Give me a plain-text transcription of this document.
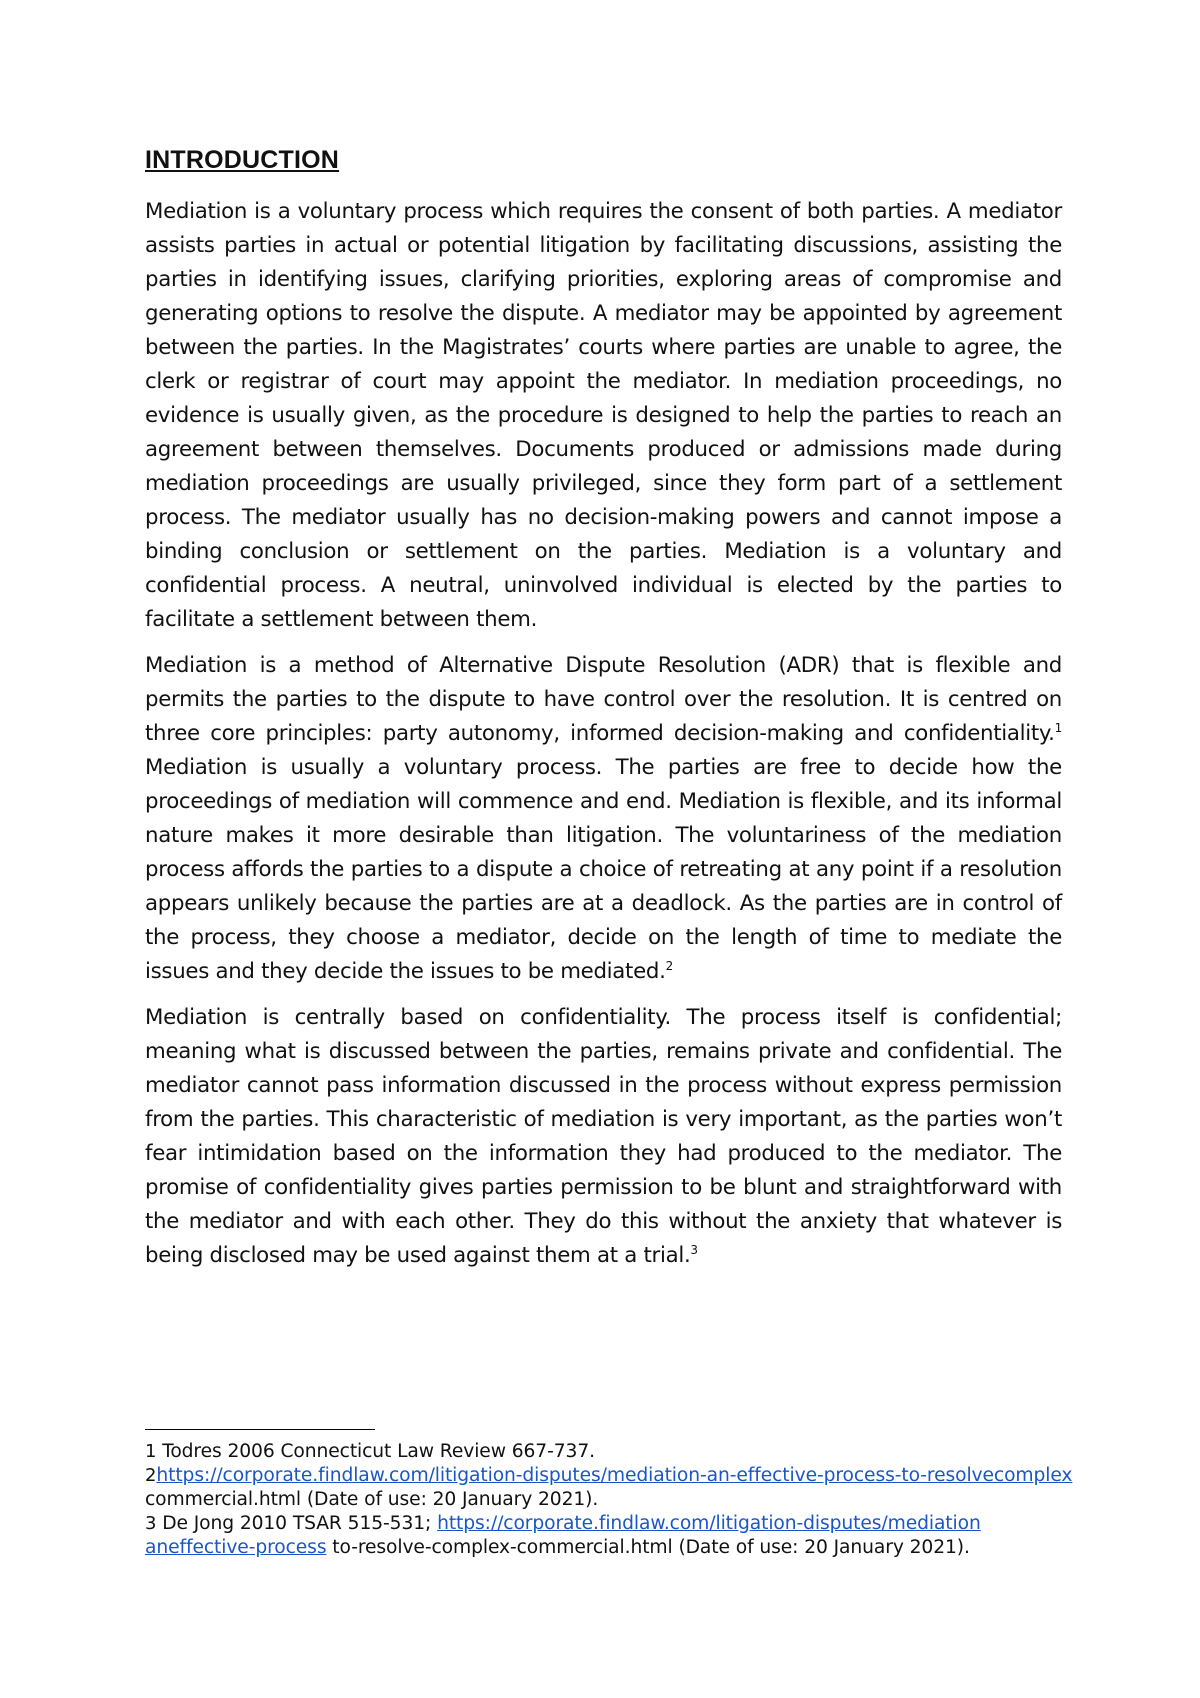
INTRODUCTION

Mediation is a voluntary process which requires the consent of both parties. A mediator assists parties in actual or potential litigation by facilitating discussions, assisting the parties in identifying issues, clarifying priorities, exploring areas of compromise and generating options to resolve the dispute. A mediator may be appointed by agreement between the parties. In the Magistrates’ courts where parties are unable to agree, the clerk or registrar of court may appoint the mediator. In mediation proceedings, no evidence is usually given, as the procedure is designed to help the parties to reach an agreement between themselves. Documents produced or admissions made during mediation proceedings are usually privileged, since they form part of a settlement process. The mediator usually has no decision-making powers and cannot impose a binding conclusion or settlement on the parties. Mediation is a voluntary and confidential process. A neutral, uninvolved individual is elected by the parties to facilitate a settlement between them.

Mediation is a method of Alternative Dispute Resolution (ADR) that is flexible and permits the parties to the dispute to have control over the resolution. It is centred on three core principles: party autonomy, informed decision-making and confidentiality.$^1$ Mediation is usually a voluntary process. The parties are free to decide how the proceedings of mediation will commence and end. Mediation is flexible, and its informal nature makes it more desirable than litigation. The voluntariness of the mediation process affords the parties to a dispute a choice of retreating at any point if a resolution appears unlikely because the parties are at a deadlock. As the parties are in control of the process, they choose a mediator, decide on the length of time to mediate the issues and they decide the issues to be mediated.$^2$

Mediation is centrally based on confidentiality. The process itself is confidential; meaning what is discussed between the parties, remains private and confidential. The mediator cannot pass information discussed in the process without express permission from the parties. This characteristic of mediation is very important, as the parties won’t fear intimidation based on the information they had produced to the mediator. The promise of confidentiality gives parties permission to be blunt and straightforward with the mediator and with each other. They do this without the anxiety that whatever is being disclosed may be used against them at a trial.$^3$

1 Todres 2006 Connecticut Law Review 667-737.

2https://corporate.findlaw.com/litigation-disputes/mediation-an-effective-process-to-resolvecomplex commercial.html (Date of use: 20 January 2021).

3 De Jong 2010 TSAR 515-531; https://corporate.findlaw.com/litigation-disputes/mediation aneffective-process to-resolve-complex-commercial.html (Date of use: 20 January 2021).
